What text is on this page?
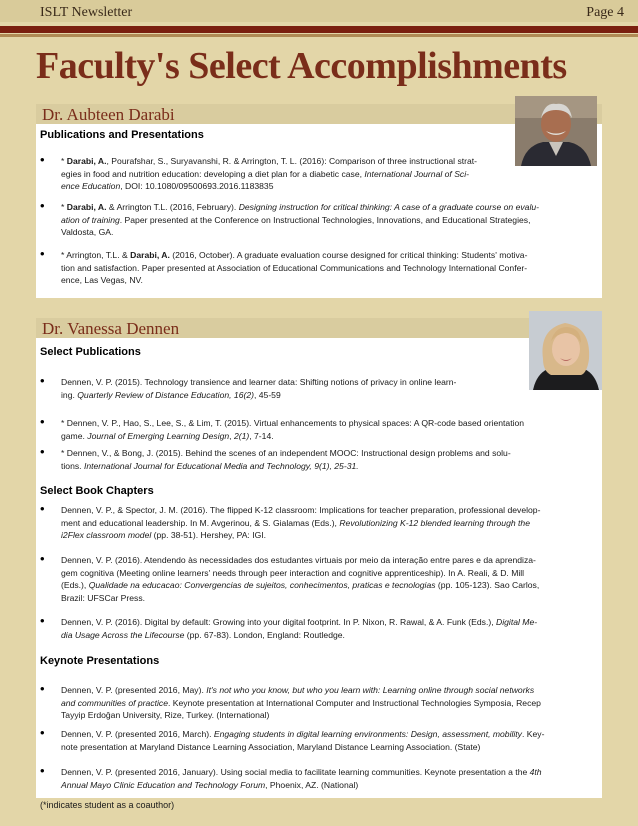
ISLT Newsletter	Page 4
Faculty's Select Accomplishments
Dr. Aubteen Darabi
Publications and Presentations
• * Darabi, A., Pourafshar, S., Suryavanshi, R. & Arrington, T. L. (2016): Comparison of three instructional strat-
egies in food and nutrition education: developing a diet plan for a diabetic case, International Journal of Sci-
ence Education, DOI: 10.1080/09500693.2016.1183835
• * Darabi, A. & Arrington T.L. (2016, February). Designing instruction for critical thinking: A case of a graduate course on evalu-
ation of training. Paper presented at the Conference on Instructional Technologies, Innovations, and Educational Strategies,
Valdosta, GA.
• * Arrington, T.L. & Darabi, A. (2016, October). A graduate evaluation course designed for critical thinking: Students' motiva-
tion and satisfaction. Paper presented at Association of Educational Communications and Technology International Confer-
ence, Las Vegas, NV.
Dr. Vanessa Dennen
Select Publications
Select Book Chapters
Keynote Presentations
• Dennen, V. P. (2015). Technology transience and learner data: Shifting notions of privacy in online learn-
ing. Quarterly Review of Distance Education, 16(2), 45-59
• * Dennen, V. P., Hao, S., Lee, S., & Lim, T. (2015). Virtual enhancements to physical spaces: A QR-code based orientation
game. Journal of Emerging Learning Design, 2(1), 7-14.
• * Dennen, V., & Bong, J. (2015). Behind the scenes of an independent MOOC: Instructional design problems and solu-
tions. International Journal for Educational Media and Technology, 9(1), 25-31.
• Dennen, V. P., & Spector, J. M. (2016). The flipped K-12 classroom: Implications for teacher preparation, professional develop-
ment and educational leadership. In M. Avgerinou, & S. Gialamas (Eds.), Revolutionizing K-12 blended learning through the
i2Flex classroom model (pp. 38-51). Hershey, PA: IGI.
• Dennen, V. P. (2016). Atendendo às necessidades dos estudantes virtuais por meio da interação entre pares e da aprendiza-
gem cognitiva (Meeting online learners' needs through peer interaction and cognitive apprenticeship). In A. Reali, & D. Mill
(Eds.), Qualidade na educacao: Convergencias de sujeitos, conhecimentos, praticas e tecnologias (pp. 105-123). Sao Carlos,
Brazil: UFSCar Press.
• Dennen, V. P. (2016). Digital by default: Growing into your digital footprint. In P. Nixon, R. Rawal, & A. Funk (Eds.), Digital Me-
dia Usage Across the Lifecourse (pp. 67-83). London, England: Routledge.
• Dennen, V. P. (presented 2016, May). It's not who you know, but who you learn with: Learning online through social networks
and communities of practice. Keynote presentation at International Computer and Instructional Technologies Symposia, Recep
Tayyip Erdoğan University, Rize, Turkey. (International)
• Dennen, V. P. (presented 2016, March). Engaging students in digital learning environments: Design, assessment, mobility. Key-
note presentation at Maryland Distance Learning Association, Maryland Distance Learning Association. (State)
• Dennen, V. P. (presented 2016, January). Using social media to facilitate learning communities. Keynote presentation a the 4th
Annual Mayo Clinic Education and Technology Forum, Phoenix, AZ. (National)
(*indicates student as a coauthor)
